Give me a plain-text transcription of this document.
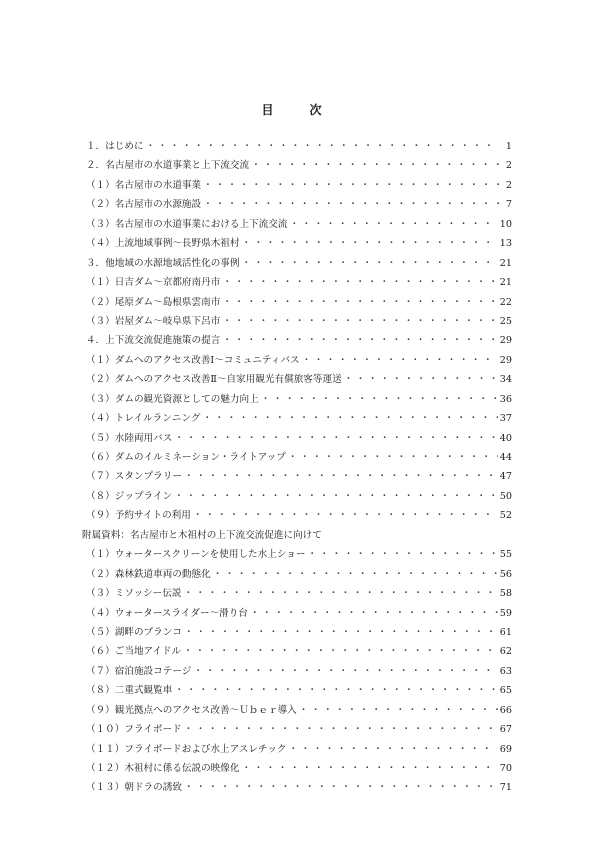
目　次
１．はじめに ・・・・・・・・・・・・・・・・・・・・・・・・・・・・・・・・・・・・・・・・・・・・・・・・・・・・・・・・・・・・・・・・・・・・	1
２．名古屋市の水道事業と上下流交流 ・・・・・・・・・・・・・・・・・・・・・・・・・・・・・・・・・・・・・・・・・・・・・・・・・・・・・・・・・・・・・・・・・・・・	2
（１）名古屋市の水道事業 ・・・・・・・・・・・・・・・・・・・・・・・・・・・・・・・・・・・・・・・・・・・・・・・・・・・・・・・・・・・・・・・・・・・・	2
（２）名古屋市の水源施設 ・・・・・・・・・・・・・・・・・・・・・・・・・・・・・・・・・・・・・・・・・・・・・・・・・・・・・・・・・・・・・・・・・・・・	7
（３）名古屋市の水道事業における上下流交流 ・・・・・・・・・・・・・・・・・・・・・・・・・・・・・・・・・・・・・・・・・・・・・・・・・・・・・・・・・・・・・・・・・・・・	10
（４）上流地域事例～長野県木祖村 ・・・・・・・・・・・・・・・・・・・・・・・・・・・・・・・・・・・・・・・・・・・・・・・・・・・・・・・・・・・・・・・・・・・・	13
３．他地域の水源地域活性化の事例 ・・・・・・・・・・・・・・・・・・・・・・・・・・・・・・・・・・・・・・・・・・・・・・・・・・・・・・・・・・・・・・・・・・・・	21
（１）日吉ダム～京都府南丹市 ・・・・・・・・・・・・・・・・・・・・・・・・・・・・・・・・・・・・・・・・・・・・・・・・・・・・・・・・・・・・・・・・・・・・	21
（２）尾原ダム～島根県雲南市 ・・・・・・・・・・・・・・・・・・・・・・・・・・・・・・・・・・・・・・・・・・・・・・・・・・・・・・・・・・・・・・・・・・・・	22
（３）岩屋ダム～岐阜県下呂市 ・・・・・・・・・・・・・・・・・・・・・・・・・・・・・・・・・・・・・・・・・・・・・・・・・・・・・・・・・・・・・・・・・・・・	25
４．上下流交流促進施策の提言 ・・・・・・・・・・・・・・・・・・・・・・・・・・・・・・・・・・・・・・・・・・・・・・・・・・・・・・・・・・・・・・・・・・・・	29
（１）ダムへのアクセス改善Ⅰ～コミュニティバス ・・・・・・・・・・・・・・・・・・・・・・・・・・・・・・・・・・・・・・・・・・・・・・・・・・・・・・・・・・・・・・・・・・・・	29
（２）ダムへのアクセス改善Ⅱ～自家用観光有償旅客等運送 ・・・・・・・・・・・・・・・・・・・・・・・・・・・・・・・・・・・・・・・・・・・・・・・・・・・・・・・・・・・・・・・・・・・・	34
（３）ダムの観光資源としての魅力向上 ・・・・・・・・・・・・・・・・・・・・・・・・・・・・・・・・・・・・・・・・・・・・・・・・・・・・・・・・・・・・・・・・・・・・	36
（４）トレイルランニング ・・・・・・・・・・・・・・・・・・・・・・・・・・・・・・・・・・・・・・・・・・・・・・・・・・・・・・・・・・・・・・・・・・・・	37
（５）水陸両用バス ・・・・・・・・・・・・・・・・・・・・・・・・・・・・・・・・・・・・・・・・・・・・・・・・・・・・・・・・・・・・・・・・・・・・	40
（６）ダムのイルミネーション・ライトアップ ・・・・・・・・・・・・・・・・・・・・・・・・・・・・・・・・・・・・・・・・・・・・・・・・・・・・・・・・・・・・・・・・・・・・	44
（７）スタンプラリー ・・・・・・・・・・・・・・・・・・・・・・・・・・・・・・・・・・・・・・・・・・・・・・・・・・・・・・・・・・・・・・・・・・・・	47
（８）ジップライン ・・・・・・・・・・・・・・・・・・・・・・・・・・・・・・・・・・・・・・・・・・・・・・・・・・・・・・・・・・・・・・・・・・・・	50
（９）予約サイトの利用 ・・・・・・・・・・・・・・・・・・・・・・・・・・・・・・・・・・・・・・・・・・・・・・・・・・・・・・・・・・・・・・・・・・・・	52
附属資料：名古屋市と木祖村の上下流交流促進に向けて
（１）ウォータースクリーンを使用した水上ショー ・・・・・・・・・・・・・・・・・・・・・・・・・・・・・・・・・・・・・・・・・・・・・・・・・・・・・・・・・・・・・・・・・・・・	55
（２）森林鉄道車両の動態化 ・・・・・・・・・・・・・・・・・・・・・・・・・・・・・・・・・・・・・・・・・・・・・・・・・・・・・・・・・・・・・・・・・・・・	56
（３）ミソッシー伝説 ・・・・・・・・・・・・・・・・・・・・・・・・・・・・・・・・・・・・・・・・・・・・・・・・・・・・・・・・・・・・・・・・・・・・	58
（４）ウォータースライダー～滑り台 ・・・・・・・・・・・・・・・・・・・・・・・・・・・・・・・・・・・・・・・・・・・・・・・・・・・・・・・・・・・・・・・・・・・・	59
（５）湖畔のブランコ ・・・・・・・・・・・・・・・・・・・・・・・・・・・・・・・・・・・・・・・・・・・・・・・・・・・・・・・・・・・・・・・・・・・・	61
（６）ご当地アイドル ・・・・・・・・・・・・・・・・・・・・・・・・・・・・・・・・・・・・・・・・・・・・・・・・・・・・・・・・・・・・・・・・・・・・	62
（７）宿泊施設コテージ ・・・・・・・・・・・・・・・・・・・・・・・・・・・・・・・・・・・・・・・・・・・・・・・・・・・・・・・・・・・・・・・・・・・・	63
（８）二重式観覧車 ・・・・・・・・・・・・・・・・・・・・・・・・・・・・・・・・・・・・・・・・・・・・・・・・・・・・・・・・・・・・・・・・・・・・	65
（９）観光拠点へのアクセス改善～Ｕｂｅｒ導入 ・・・・・・・・・・・・・・・・・・・・・・・・・・・・・・・・・・・・・・・・・・・・・・・・・・・・・・・・・・・・・・・・・・・・	66
（１０）フライボード ・・・・・・・・・・・・・・・・・・・・・・・・・・・・・・・・・・・・・・・・・・・・・・・・・・・・・・・・・・・・・・・・・・・・	67
（１１）フライボードおよび水上アスレチック ・・・・・・・・・・・・・・・・・・・・・・・・・・・・・・・・・・・・・・・・・・・・・・・・・・・・・・・・・・・・・・・・・・・・	69
（１２）木祖村に係る伝説の映像化 ・・・・・・・・・・・・・・・・・・・・・・・・・・・・・・・・・・・・・・・・・・・・・・・・・・・・・・・・・・・・・・・・・・・・	70
（１３）朝ドラの誘致 ・・・・・・・・・・・・・・・・・・・・・・・・・・・・・・・・・・・・・・・・・・・・・・・・・・・・・・・・・・・・・・・・・・・・	71
